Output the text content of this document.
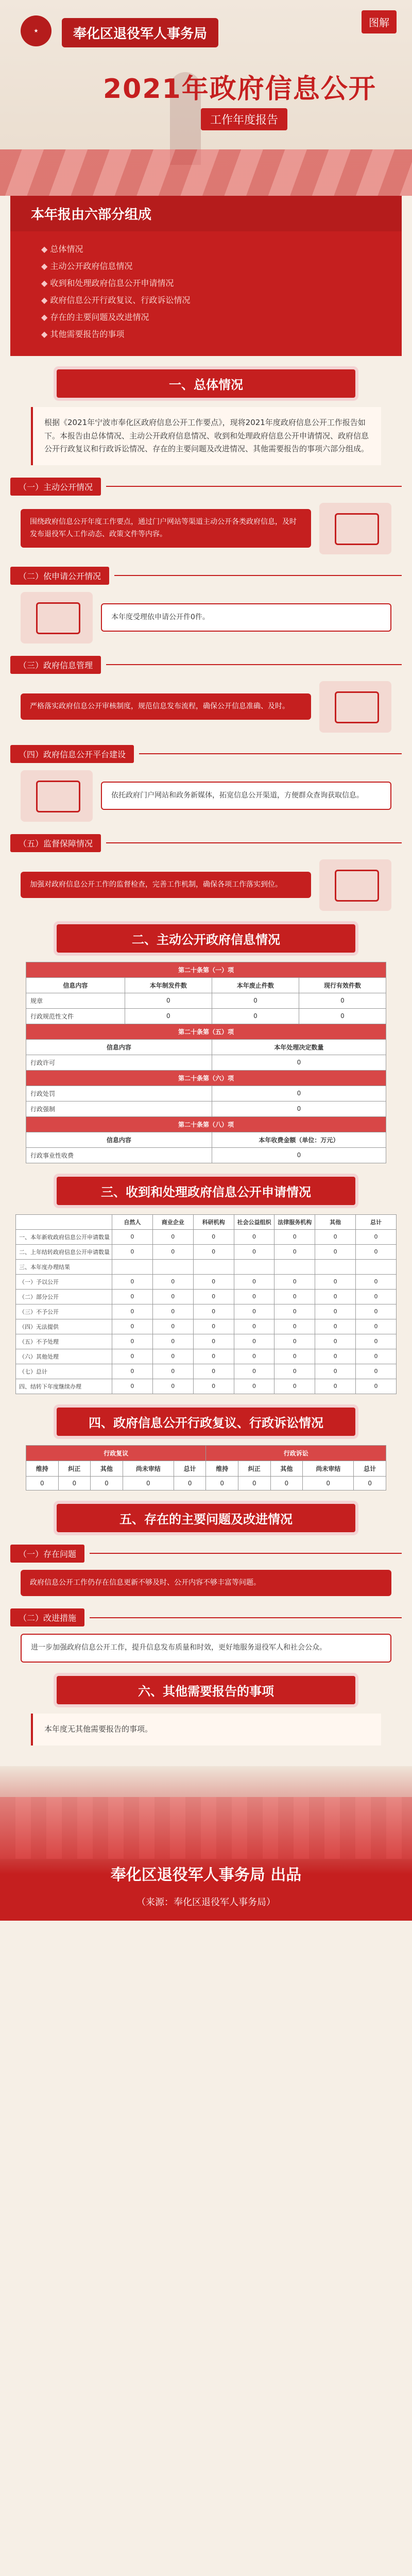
★	奉化区退役军人事务局
图解
2021年政府信息公开
工作年度报告
本年报由六部分组成
◆ 总体情况
◆ 主动公开政府信息情况
◆ 收到和处理政府信息公开申请情况
◆ 政府信息公开行政复议、行政诉讼情况
◆ 存在的主要问题及改进情况
◆ 其他需要报告的事项
一、总体情况
根据《2021年宁波市奉化区政府信息公开工作要点》，现将2021年度政府信息公开工作报告如下。本报告由总体情况、主动公开政府信息情况、收到和处理政府信息公开申请情况、政府信息公开行政复议和行政诉讼情况、存在的主要问题及改进情况、其他需要报告的事项六部分组成。
（一）主动公开情况
围绕政府信息公开年度工作要点，通过门户网站等渠道主动公开各类政府信息，及时发布退役军人工作动态、政策文件等内容。
（二）依申请公开情况
本年度受理依申请公开件0件。
（三）政府信息管理
严格落实政府信息公开审核制度，规范信息发布流程，确保公开信息准确、及时。
（四）政府信息公开平台建设
依托政府门户网站和政务新媒体，拓宽信息公开渠道，方便群众查询获取信息。
（五）监督保障情况
加强对政府信息公开工作的监督检查，完善工作机制，确保各项工作落实到位。
二、主动公开政府信息情况
第二十条第（一）项			
信息内容	本年制发件数	本年废止件数	现行有效件数
规章	0	0	0
行政规范性文件	0	0	0
第二十条第（五）项			
信息内容		本年处理决定数量	
行政许可		0	
第二十条第（六）项			
行政处罚		0	
行政强制		0	
第二十条第（八）项			
信息内容		本年收费金额（单位：万元）	
行政事业性收费		0	
三、收到和处理政府信息公开申请情况
	自然人	商业企业	科研机构	社会公益组织	法律服务机构	其他	总计
一、本年新收政府信息公开申请数量	0	0	0	0	0	0	0
二、上年结转政府信息公开申请数量	0	0	0	0	0	0	0
三、本年度办理结果							
（一）予以公开	0	0	0	0	0	0	0
（二）部分公开	0	0	0	0	0	0	0
（三）不予公开	0	0	0	0	0	0	0
（四）无法提供	0	0	0	0	0	0	0
（五）不予处理	0	0	0	0	0	0	0
（六）其他处理	0	0	0	0	0	0	0
（七）总计	0	0	0	0	0	0	0
四、结转下年度继续办理	0	0	0	0	0	0	0
四、政府信息公开行政复议、行政诉讼情况
行政复议					行政诉讼				
维持	纠正	其他	尚未审结	总计	维持	纠正	其他	尚未审结	总计
0	0	0	0	0	0	0	0	0	0
五、存在的主要问题及改进情况
（一）存在问题
政府信息公开工作仍存在信息更新不够及时、公开内容不够丰富等问题。
（二）改进措施
进一步加强政府信息公开工作，提升信息发布质量和时效，更好地服务退役军人和社会公众。
六、其他需要报告的事项
本年度无其他需要报告的事项。
奉化区退役军人事务局 出品
（来源：奉化区退役军人事务局）
